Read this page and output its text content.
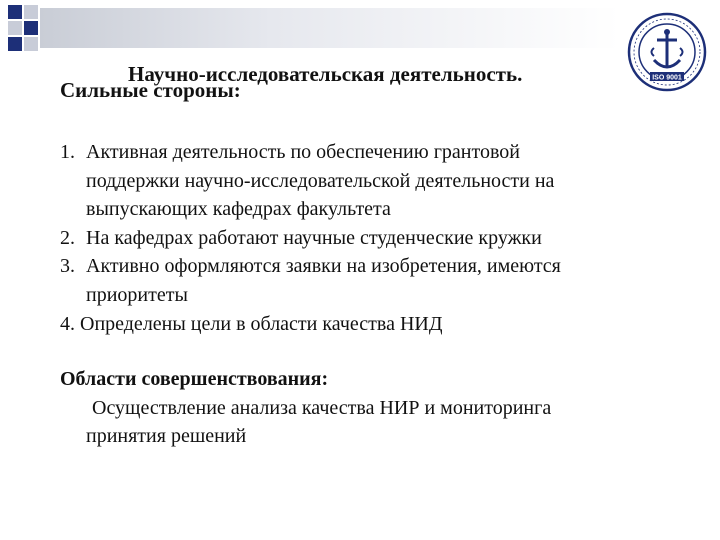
Научно-исследовательская деятельность.
Сильные стороны:	ISO 9001
1. Активная деятельность по обеспечению грантовой
поддержки научно-исследовательской деятельности на
выпускающих кафедрах факультета
2. На кафедрах работают научные студенческие кружки
3. Активно оформляются заявки на изобретения, имеются
приоритеты
4. Определены цели в области качества НИД
Области совершенствования:
Осуществление анализа качества НИР и мониторинга
принятия решений
